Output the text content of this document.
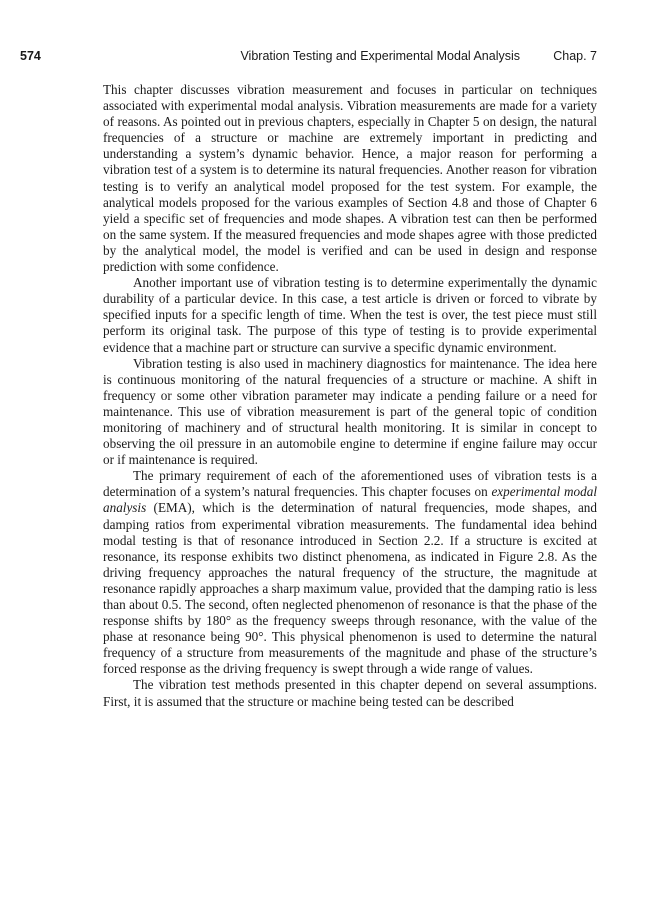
574	Vibration Testing and Experimental Modal Analysis	Chap. 7

This chapter discusses vibration measurement and focuses in particular on techniques associated with experimental modal analysis. Vibration measurements are made for a variety of reasons. As pointed out in previous chapters, especially in Chapter 5 on design, the natural frequencies of a structure or machine are extremely important in predicting and understanding a system’s dynamic behavior. Hence, a major reason for performing a vibration test of a system is to determine its natural frequencies. Another reason for vibration testing is to verify an analytical model proposed for the test system. For example, the analytical models proposed for the various examples of Section 4.8 and those of Chapter 6 yield a specific set of frequencies and mode shapes. A vibration test can then be performed on the same system. If the measured frequencies and mode shapes agree with those predicted by the analytical model, the model is verified and can be used in design and response prediction with some confidence.

Another important use of vibration testing is to determine experimentally the dynamic durability of a particular device. In this case, a test article is driven or forced to vibrate by specified inputs for a specific length of time. When the test is over, the test piece must still perform its original task. The purpose of this type of testing is to provide experimental evidence that a machine part or structure can survive a specific dynamic environment.

Vibration testing is also used in machinery diagnostics for maintenance. The idea here is continuous monitoring of the natural frequencies of a structure or machine. A shift in frequency or some other vibration parameter may indicate a pending failure or a need for maintenance. This use of vibration measurement is part of the general topic of condition monitoring of machinery and of structural health monitoring. It is similar in concept to observing the oil pressure in an automobile engine to determine if engine failure may occur or if maintenance is required.

The primary requirement of each of the aforementioned uses of vibration tests is a determination of a system’s natural frequencies. This chapter focuses on experimental modal analysis (EMA), which is the determination of natural frequencies, mode shapes, and damping ratios from experimental vibration measurements. The fundamental idea behind modal testing is that of resonance introduced in Section 2.2. If a structure is excited at resonance, its response exhibits two distinct phenomena, as indicated in Figure 2.8. As the driving frequency approaches the natural frequency of the structure, the magnitude at resonance rapidly approaches a sharp maximum value, provided that the damping ratio is less than about 0.5. The second, often neglected phenomenon of resonance is that the phase of the response shifts by 180° as the frequency sweeps through resonance, with the value of the phase at resonance being 90°. This physical phenomenon is used to determine the natural frequency of a structure from measurements of the magnitude and phase of the structure’s forced response as the driving frequency is swept through a wide range of values.

The vibration test methods presented in this chapter depend on several assumptions. First, it is assumed that the structure or machine being tested can be described
